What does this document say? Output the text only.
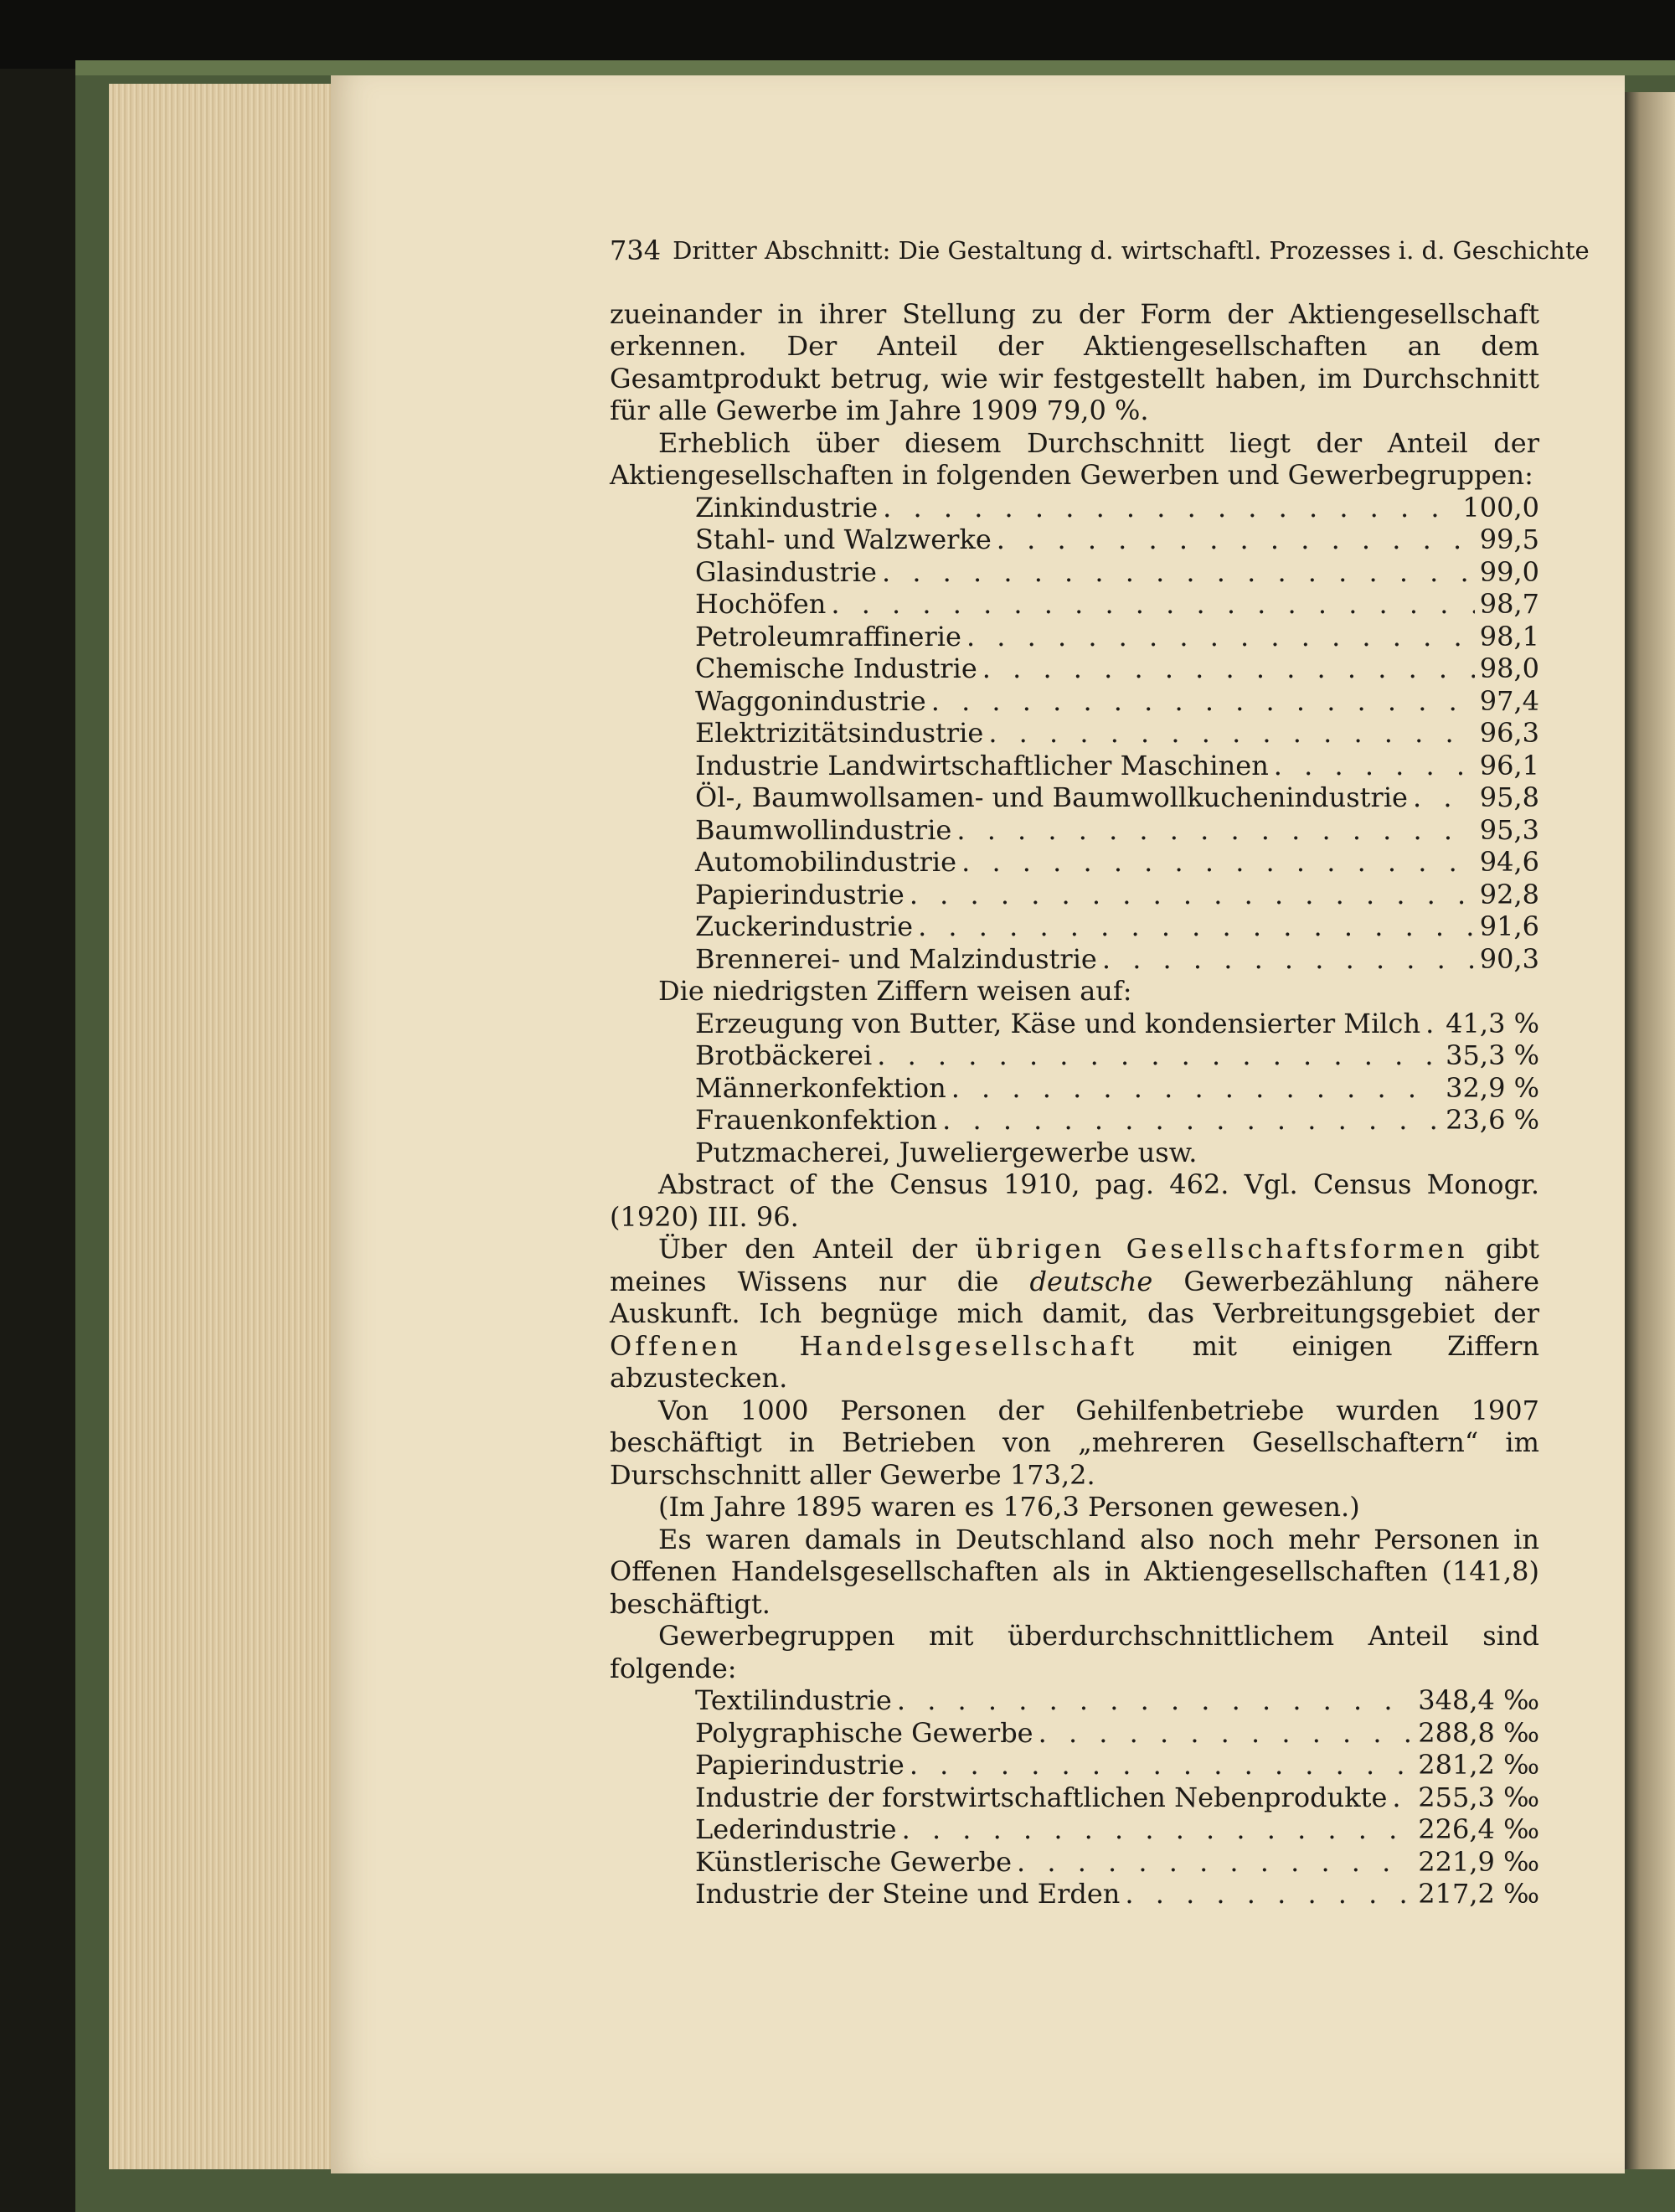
734 Dritter Abschnitt: Die Gestaltung d. wirtschaftl. Prozesses i. d. Geschichte

zueinander in ihrer Stellung zu der Form der Aktiengesellschaft erkennen. Der Anteil der Aktiengesellschaften an dem Gesamtprodukt betrug, wie wir festgestellt haben, im Durchschnitt für alle Gewerbe im Jahre 1909 79,0 %.

Erheblich über diesem Durchschnitt liegt der Anteil der Aktiengesellschaften in folgenden Gewerben und Gewerbegruppen:

Zinkindustrie . . .	100,0
Stahl- und Walzwerke . . .	99,5
Glasindustrie . . .	99,0
Hochöfen . . .	98,7
Petroleumraffinerie . . .	98,1
Chemische Industrie . . .	98,0
Waggonindustrie . . .	97,4
Elektrizitätsindustrie . . .	96,3
Industrie Landwirtschaftlicher Maschinen . . .	96,1
Öl-, Baumwollsamen- und Baumwollkuchenindustrie . . .	95,8
Baumwollindustrie . . .	95,3
Automobilindustrie . . .	94,6
Papierindustrie . . .	92,8
Zuckerindustrie . . .	91,6
Brennerei- und Malzindustrie . . .	90,3

Die niedrigsten Ziffern weisen auf:

Erzeugung von Butter, Käse und kondensierter Milch . . . 41,3 %
Brotbäckerei . . .	35,3 %
Männerkonfektion . . .	32,9 %
Frauenkonfektion . . .	23,6 %

Putzmacherei, Juweliergewerbe usw.

Abstract of the Census 1910, pag. 462. Vgl. Census Monogr. (1920) III. 96.

Über den Anteil der übrigen Gesellschaftsformen gibt meines Wissens nur die deutsche Gewerbezählung nähere Auskunft. Ich begnüge mich damit, das Verbreitungsgebiet der Offenen Handelsgesellschaft mit einigen Ziffern abzustecken.

Von 1000 Personen der Gehilfenbetriebe wurden 1907 beschäftigt in Betrieben von „mehreren Gesellschaftern“ im Durschschnitt aller Gewerbe 173,2.

(Im Jahre 1895 waren es 176,3 Personen gewesen.)

Es waren damals in Deutschland also noch mehr Personen in Offenen Handelsgesellschaften als in Aktiengesellschaften (141,8) beschäftigt.

Gewerbegruppen mit überdurchschnittlichem Anteil sind folgende:

Textilindustrie . . .	348,4 ‰
Polygraphische Gewerbe . . .	288,8 ‰
Papierindustrie . . .	281,2 ‰
Industrie der forstwirtschaftlichen Nebenprodukte . . . 255,3 ‰
Lederindustrie . . .	226,4 ‰
Künstlerische Gewerbe . . .	221,9 ‰
Industrie der Steine und Erden . . .	217,2 ‰
